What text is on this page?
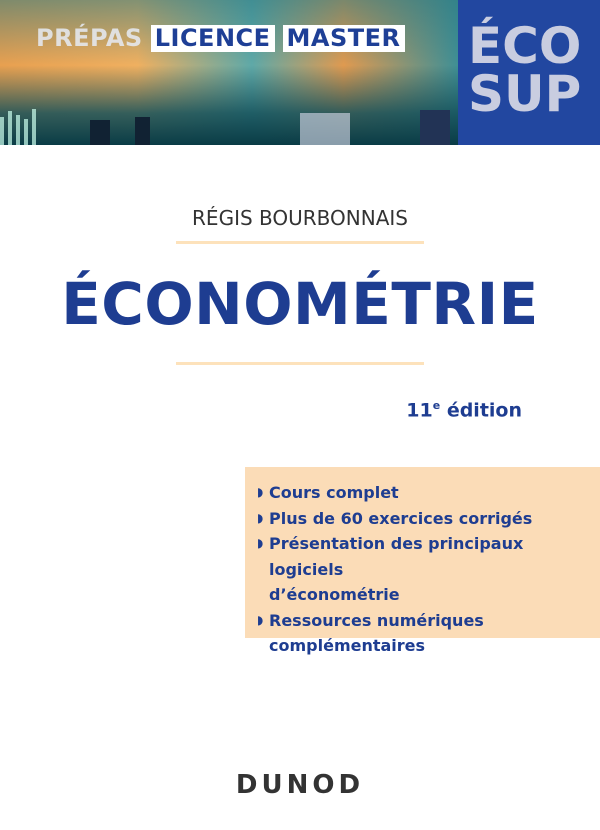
PRÉPAS LICENCE MASTER ÉCO
SUP
RÉGIS BOURBONNAIS
ÉCONOMÉTRIE
11e édition
◗ Cours complet
◗ Plus de 60 exercices corrigés
◗ Présentation des principaux logiciels
d’économétrie
◗ Ressources numériques
complémentaires
DUNOD
